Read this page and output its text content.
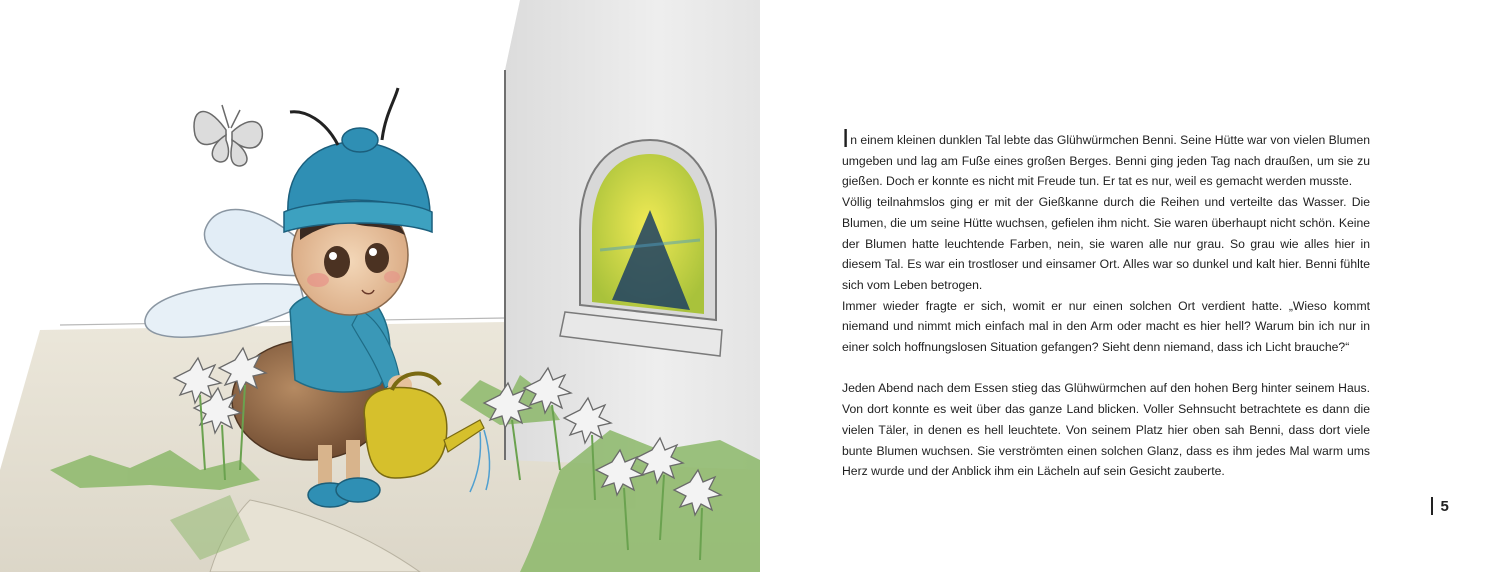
In einem kleinen dunklen Tal lebte das Glühwürmchen Benni. Seine Hütte war von vielen Blumen umgeben und lag am Fuße eines großen Berges. Benni ging jeden Tag nach draußen, um sie zu gießen. Doch er konnte es nicht mit Freude tun. Er tat es nur, weil es gemacht werden musste.

Völlig teilnahmslos ging er mit der Gießkanne durch die Reihen und verteilte das Wasser. Die Blumen, die um seine Hütte wuchsen, gefielen ihm nicht. Sie waren überhaupt nicht schön. Keine der Blumen hatte leuchtende Farben, nein, sie waren alle nur grau. So grau wie alles hier in diesem Tal. Es war ein trostloser und einsamer Ort. Alles war so dunkel und kalt hier. Benni fühlte sich vom Leben betrogen.

Immer wieder fragte er sich, womit er nur einen solchen Ort verdient hatte. „Wieso kommt niemand und nimmt mich einfach mal in den Arm oder macht es hier hell? Warum bin ich nur in einer solch hoffnungslosen Situation gefangen? Sieht denn niemand, dass ich Licht brauche?“

Jeden Abend nach dem Essen stieg das Glühwürmchen auf den hohen Berg hinter seinem Haus. Von dort konnte es weit über das ganze Land blicken. Voller Sehnsucht betrachtete es dann die vielen Täler, in denen es hell leuchtete. Von seinem Platz hier oben sah Benni, dass dort viele bunte Blumen wuchsen. Sie verströmten einen solchen Glanz, dass es ihm jedes Mal warm ums Herz wurde und der Anblick ihm ein Lächeln auf sein Gesicht zauberte.

5
